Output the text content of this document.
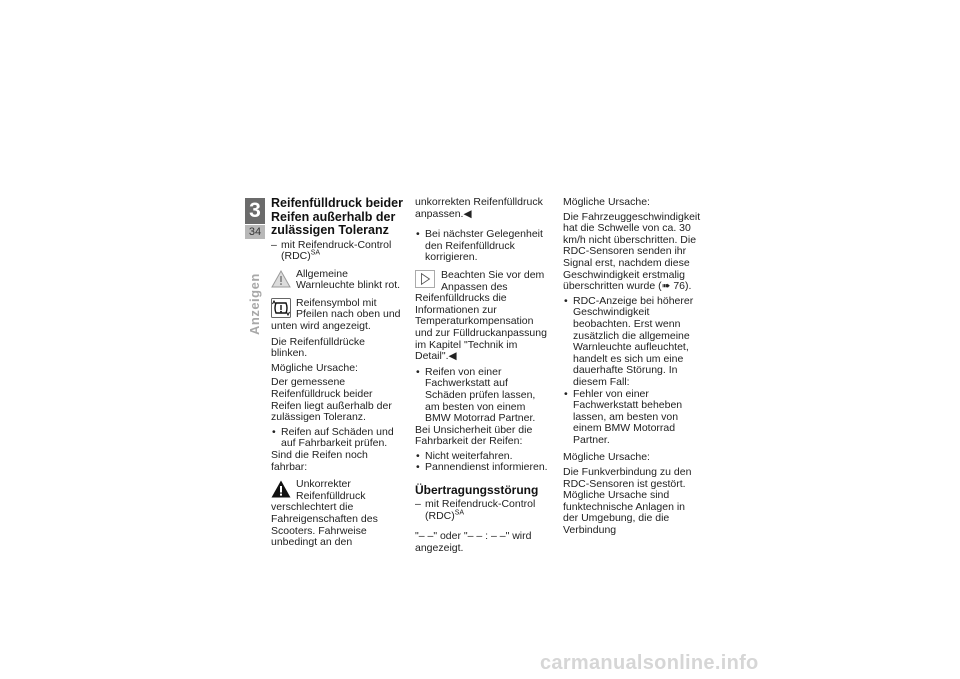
3
34
Anzeigen
Reifenfülldruck beider Reifen außerhalb der zulässigen Toleranz
– mit Reifendruck-Control (RDC)$^{SA}$
Allgemeine Warnleuchte blinkt rot.
Reifensymbol mit Pfeilen nach oben und unten wird angezeigt.

Die Reifenfülldrücke blinken.

Mögliche Ursache:

Der gemessene Reifenfülldruck beider Reifen liegt außerhalb der zulässigen Toleranz.

• Reifen auf Schäden und auf Fahrbarkeit prüfen.

Sind die Reifen noch fahrbar:

Unkorrekter Reifenfülldruck verschlechtert die Fahreigenschaften des Scooters. Fahrweise unbedingt an den

unkorrekten Reifenfülldruck anpassen.◀

• Bei nächster Gelegenheit den Reifenfülldruck korrigieren.
Beachten Sie vor dem Anpassen des Reifenfülldrucks die Informationen zur Temperaturkompensation und zur Fülldruckanpassung im Kapitel "Technik im Detail".◀
• Reifen von einer Fachwerkstatt auf Schäden prüfen lassen, am besten von einem BMW Motorrad Partner.

Bei Unsicherheit über die Fahrbarkeit der Reifen:

• Nicht weiterfahren.
• Pannendienst informieren.
Übertragungsstörung
– mit Reifendruck-Control (RDC)$^{SA}$

"– –" oder "– – : – –" wird angezeigt.

Mögliche Ursache:

Die Fahrzeuggeschwindigkeit hat die Schwelle von ca. 30 km/h nicht überschritten. Die RDC-Sensoren senden ihr Signal erst, nachdem diese Geschwindigkeit erstmalig überschritten wurde (➠ 76).

• RDC-Anzeige bei höherer Geschwindigkeit beobachten. Erst wenn zusätzlich die allgemeine Warnleuchte aufleuchtet, handelt es sich um eine dauerhafte Störung. In diesem Fall:
• Fehler von einer Fachwerkstatt beheben lassen, am besten von einem BMW Motorrad Partner.

Mögliche Ursache:

Die Funkverbindung zu den RDC-Sensoren ist gestört. Mögliche Ursache sind funktechnische Anlagen in der Umgebung, die die Verbindung

carmanualsonline.info
